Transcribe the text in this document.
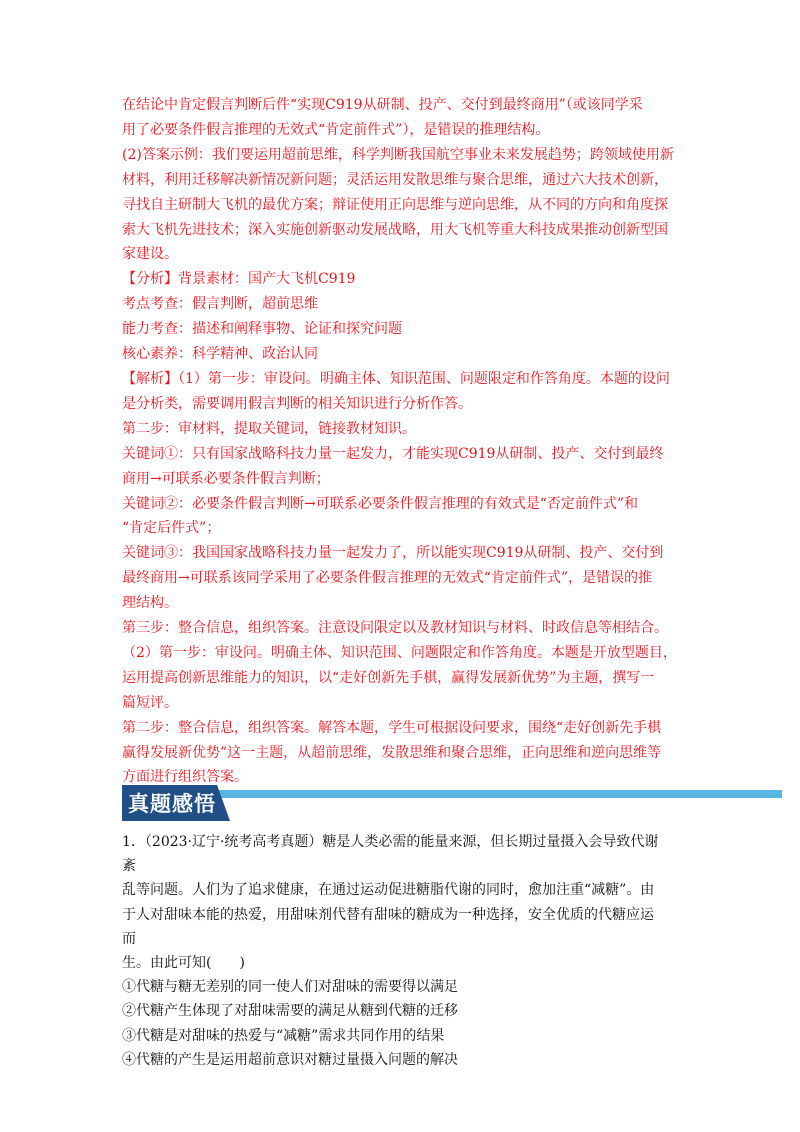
在结论中肯定假言判断后件“实现C919从研制、投产、交付到最终商用”（或该同学采

用了必要条件假言推理的无效式“肯定前件式”），是错误的推理结构。

(2)答案示例：我们要运用超前思维，科学判断我国航空事业未来发展趋势；跨领域使用新

材料，利用迁移解决新情况新问题；灵活运用发散思维与聚合思维，通过六大技术创新，

寻找自主研制大飞机的最优方案；辩证使用正向思维与逆向思维，从不同的方向和角度探

索大飞机先进技术；深入实施创新驱动发展战略，用大飞机等重大科技成果推动创新型国

家建设。

【分析】背景素材：国产大飞机C919

考点考查：假言判断，超前思维

能力考查：描述和阐释事物、论证和探究问题

核心素养：科学精神、政治认同

【解析】（1）第一步：审设问。明确主体、知识范围、问题限定和作答角度。本题的设问

是分析类，需要调用假言判断的相关知识进行分析作答。

第二步：审材料，提取关键词，链接教材知识。

关键词①：只有国家战略科技力量一起发力，才能实现C919从研制、投产、交付到最终

商用→可联系必要条件假言判断；

关键词②：必要条件假言判断→可联系必要条件假言推理的有效式是“否定前件式”和

“肯定后件式”；

关键词③：我国国家战略科技力量一起发力了，所以能实现C919从研制、投产、交付到

最终商用→可联系该同学采用了必要条件假言推理的无效式“肯定前件式”，是错误的推

理结构。

第三步：整合信息，组织答案。注意设问限定以及教材知识与材料、时政信息等相结合。

（2）第一步：审设问。明确主体、知识范围、问题限定和作答角度。本题是开放型题目，

运用提高创新思维能力的知识，以“走好创新先手棋，赢得发展新优势”为主题，撰写一

篇短评。

第二步：整合信息，组织答案。解答本题，学生可根据设问要求，围绕“走好创新先手棋

赢得发展新优势”这一主题，从超前思维，发散思维和聚合思维，正向思维和逆向思维等

方面进行组织答案。

真题感悟

1．（2023·辽宁·统考高考真题）糖是人类必需的能量来源，但长期过量摄入会导致代谢紊

乱等问题。人们为了追求健康，在通过运动促进糖脂代谢的同时，愈加注重“减糖”。由

于人对甜味本能的热爱，用甜味剂代替有甜味的糖成为一种选择，安全优质的代糖应运而

生。由此可知(　　)

①代糖与糖无差别的同一使人们对甜味的需要得以满足

②代糖产生体现了对甜味需要的满足从糖到代糖的迁移

③代糖是对甜味的热爱与“减糖”需求共同作用的结果

④代糖的产生是运用超前意识对糖过量摄入问题的解决
